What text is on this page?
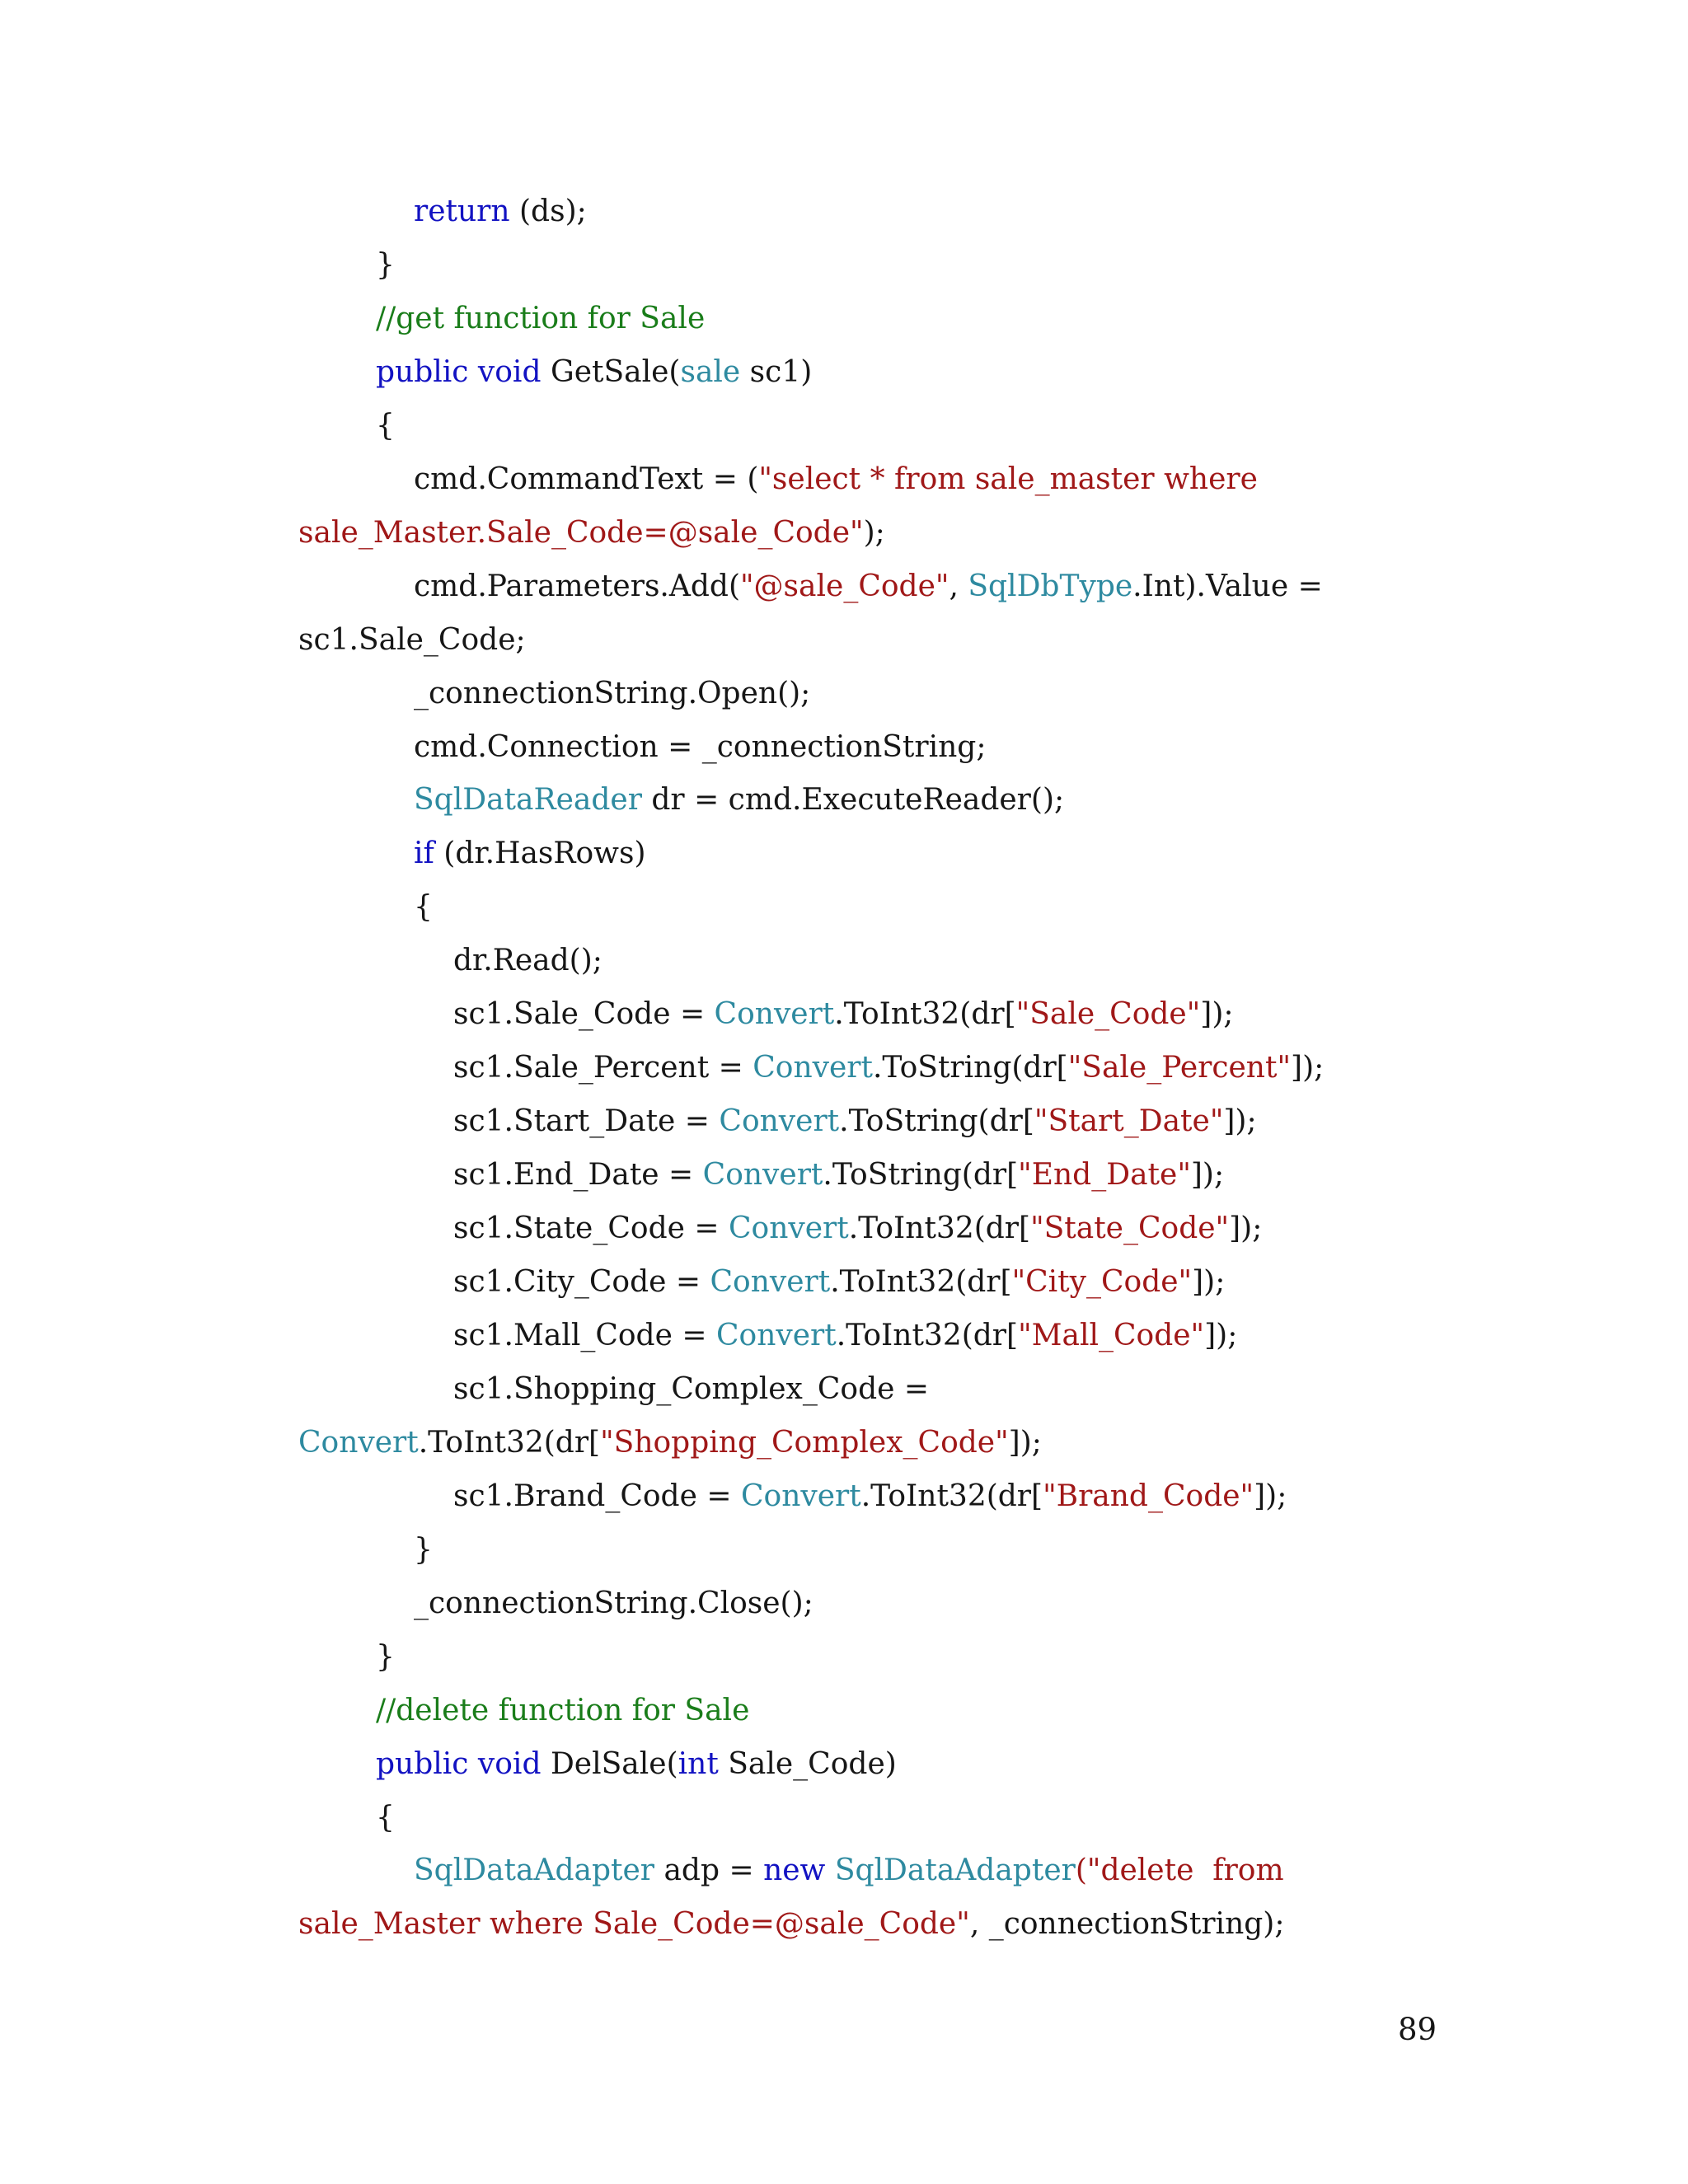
return (ds);
}
//get function for Sale
public void GetSale(sale sc1)
{
cmd.CommandText = ("select * from sale_master where
sale_Master.Sale_Code=@sale_Code");
cmd.Parameters.Add("@sale_Code", SqlDbType.Int).Value =
sc1.Sale_Code;
_connectionString.Open();
cmd.Connection = _connectionString;
SqlDataReader dr = cmd.ExecuteReader();
if (dr.HasRows)
{
dr.Read();
sc1.Sale_Code = Convert.ToInt32(dr["Sale_Code"]);
sc1.Sale_Percent = Convert.ToString(dr["Sale_Percent"]);
sc1.Start_Date = Convert.ToString(dr["Start_Date"]);
sc1.End_Date = Convert.ToString(dr["End_Date"]);
sc1.State_Code = Convert.ToInt32(dr["State_Code"]);
sc1.City_Code = Convert.ToInt32(dr["City_Code"]);
sc1.Mall_Code = Convert.ToInt32(dr["Mall_Code"]);
sc1.Shopping_Complex_Code =
Convert.ToInt32(dr["Shopping_Complex_Code"]);
sc1.Brand_Code = Convert.ToInt32(dr["Brand_Code"]);
}
_connectionString.Close();
}
//delete function for Sale
public void DelSale(int Sale_Code)
{
SqlDataAdapter adp = new SqlDataAdapter("delete  from
sale_Master where Sale_Code=@sale_Code", _connectionString);
89
